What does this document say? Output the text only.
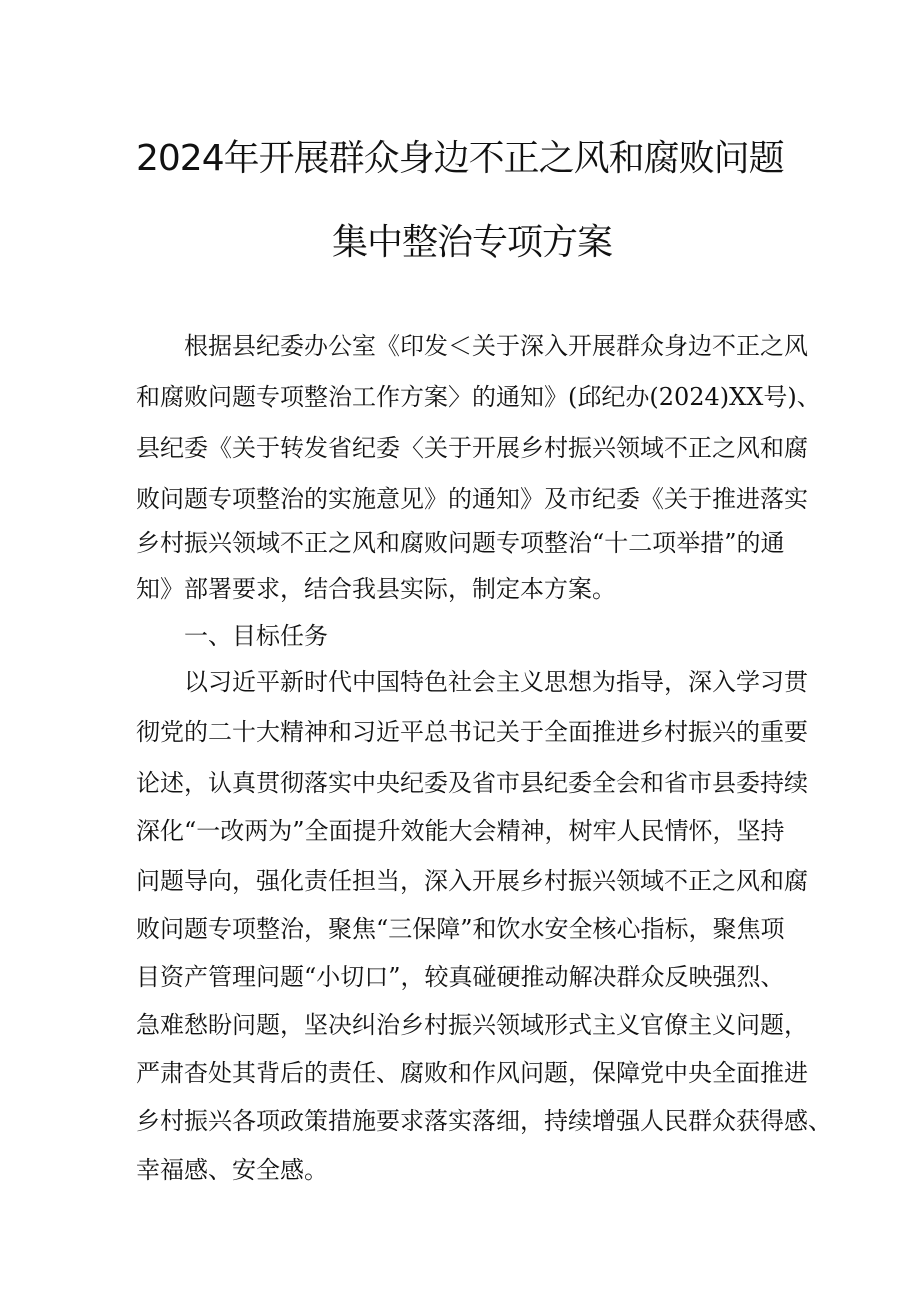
2024年开展群众身边不正之风和腐败问题
集中整治专项方案
根据县纪委办公室《印发＜关于深入开展群众身边不正之风
和腐败问题专项整治工作方案〉的通知》(邱纪办(2024)XX号)、
县纪委《关于转发省纪委〈关于开展乡村振兴领域不正之风和腐
败问题专项整治的实施意见》的通知》及市纪委《关于推进落实
乡村振兴领域不正之风和腐败问题专项整治“十二项举措”的通
知》部署要求，结合我县实际，制定本方案。
一、目标任务
以习近平新时代中国特色社会主义思想为指导，深入学习贯
彻党的二十大精神和习近平总书记关于全面推进乡村振兴的重要
论述，认真贯彻落实中央纪委及省市县纪委全会和省市县委持续
深化“一改两为”全面提升效能大会精神，树牢人民情怀，坚持
问题导向，强化责任担当，深入开展乡村振兴领域不正之风和腐
败问题专项整治，聚焦“三保障”和饮水安全核心指标，聚焦项
目资产管理问题“小切口”，较真碰硬推动解决群众反映强烈、
急难愁盼问题，坚决纠治乡村振兴领域形式主义官僚主义问题，
严肃杳处其背后的责任、腐败和作风问题，保障党中央全面推进
乡村振兴各项政策措施要求落实落细，持续增强人民群众获得感、
幸福感、安全感。
